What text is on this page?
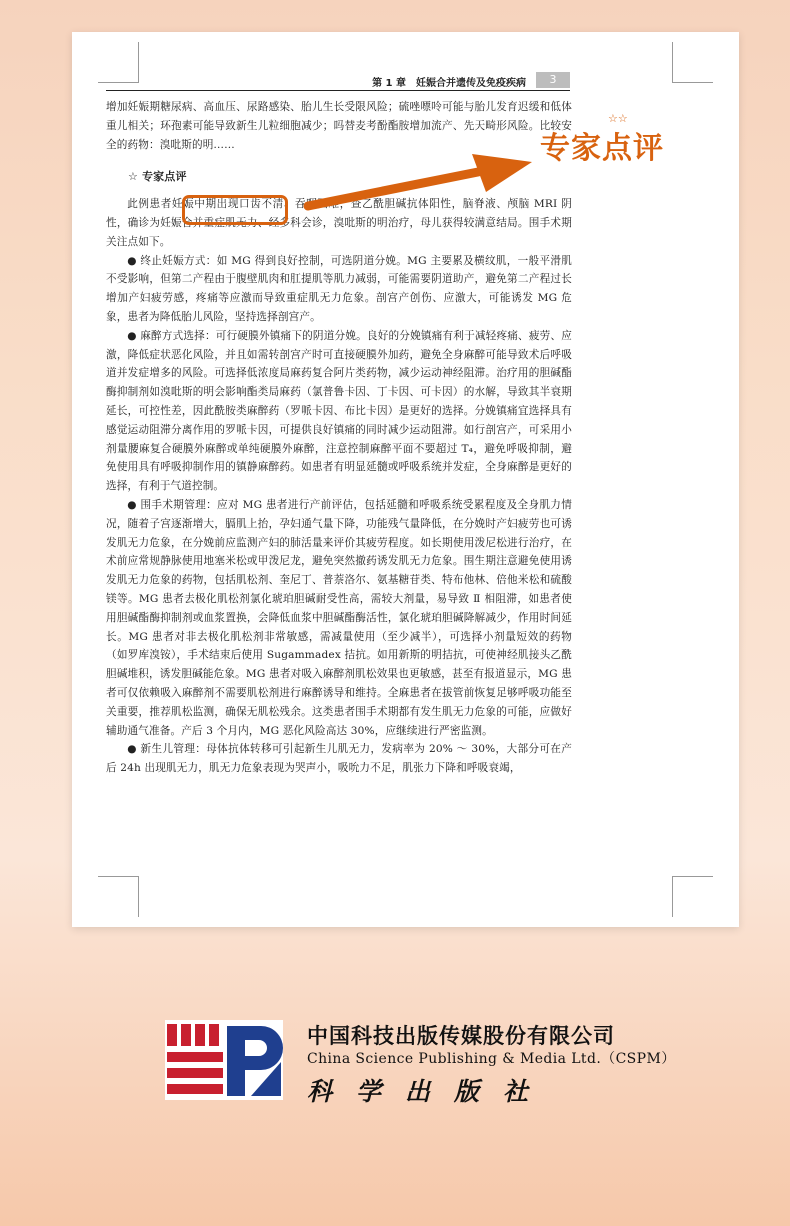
第 1 章　妊娠合并遗传及免疫疾病	3

增加妊娠期糖尿病、高血压、尿路感染、胎儿生长受限风险；硫唑嘌呤可能与胎儿发育迟缓和低体重儿相关；环孢素可能导致新生儿粒细胞减少；吗替麦考酚酯胺增加流产、先天畸形风险。比较安全的药物：溴吡斯的明……

☆ 专家点评

此例患者妊娠中期出现口齿不清、吞咽困难，查乙酰胆碱抗体阳性，脑脊液、颅脑 MRI 阴性，确诊为妊娠合并重症肌无力、经多科会诊，溴吡斯的明治疗，母儿获得较满意结局。围手术期关注点如下。

● 终止妊娠方式：如 MG 得到良好控制，可选阴道分娩。MG 主要累及横纹肌，一般平滑肌不受影响，但第二产程由于腹壁肌肉和肛提肌等肌力减弱，可能需要阴道助产，避免第二产程过长增加产妇疲劳感，疼痛等应激而导致重症肌无力危象。剖宫产创伤、应激大，可能诱发 MG 危象，患者为降低胎儿风险，坚持选择剖宫产。

● 麻醉方式选择：可行硬膜外镇痛下的阴道分娩。良好的分娩镇痛有利于减轻疼痛、疲劳、应激，降低症状恶化风险，并且如需转剖宫产时可直接硬膜外加药，避免全身麻醉可能导致术后呼吸道并发症增多的风险。可选择低浓度局麻药复合阿片类药物，减少运动神经阻滞。治疗用的胆碱酯酶抑制剂如溴吡斯的明会影响酯类局麻药（氯普鲁卡因、丁卡因、可卡因）的水解，导致其半衰期延长，可控性差，因此酰胺类麻醉药（罗哌卡因、布比卡因）是更好的选择。分娩镇痛宜选择具有感觉运动阻滞分离作用的罗哌卡因，可提供良好镇痛的同时减少运动阻滞。如行剖宫产，可采用小剂量腰麻复合硬膜外麻醉或单纯硬膜外麻醉，注意控制麻醉平面不要超过 T₄，避免呼吸抑制，避免使用具有呼吸抑制作用的镇静麻醉药。如患者有明显延髓或呼吸系统并发症，全身麻醉是更好的选择，有利于气道控制。

● 围手术期管理：应对 MG 患者进行产前评估，包括延髓和呼吸系统受累程度及全身肌力情况，随着子宫逐渐增大，膈肌上抬，孕妇通气量下降，功能残气量降低，在分娩时产妇疲劳也可诱发肌无力危象，在分娩前应监测产妇的肺活量来评价其疲劳程度。如长期使用泼尼松进行治疗，在术前应常规静脉使用地塞米松或甲泼尼龙，避免突然撤药诱发肌无力危象。围生期注意避免使用诱发肌无力危象的药物，包括肌松剂、奎尼丁、普萘洛尔、氨基糖苷类、特布他林、倍他米松和硫酸镁等。MG 患者去极化肌松剂氯化琥珀胆碱耐受性高，需较大剂量，易导致 Ⅱ 相阻滞，如患者使用胆碱酯酶抑制剂或血浆置换，会降低血浆中胆碱酯酶活性，氯化琥珀胆碱降解减少，作用时间延长。MG 患者对非去极化肌松剂非常敏感，需减量使用（至少减半），可选择小剂量短效的药物（如罗库溴铵），手术结束后使用 Sugammadex 拮抗。如用新斯的明拮抗，可使神经肌接头乙酰胆碱堆积，诱发胆碱能危象。MG 患者对吸入麻醉剂肌松效果也更敏感，甚至有报道显示，MG 患者可仅依赖吸入麻醉剂不需要肌松剂进行麻醉诱导和维持。全麻患者在拔管前恢复足够呼吸功能至关重要，推荐肌松监测，确保无肌松残余。这类患者围手术期都有发生肌无力危象的可能，应做好辅助通气准备。产后 3 个月内，MG 恶化风险高达 30%，应继续进行严密监测。

● 新生儿管理：母体抗体转移可引起新生儿肌无力，发病率为 20% ～ 30%，大部分可在产后 24h 出现肌无力，肌无力危象表现为哭声小，吸吮力不足，肌张力下降和呼吸衰竭，

专家点评
☆☆
中国科技出版传媒股份有限公司
China Science Publishing & Media Ltd.（CSPM）
科学出版社
